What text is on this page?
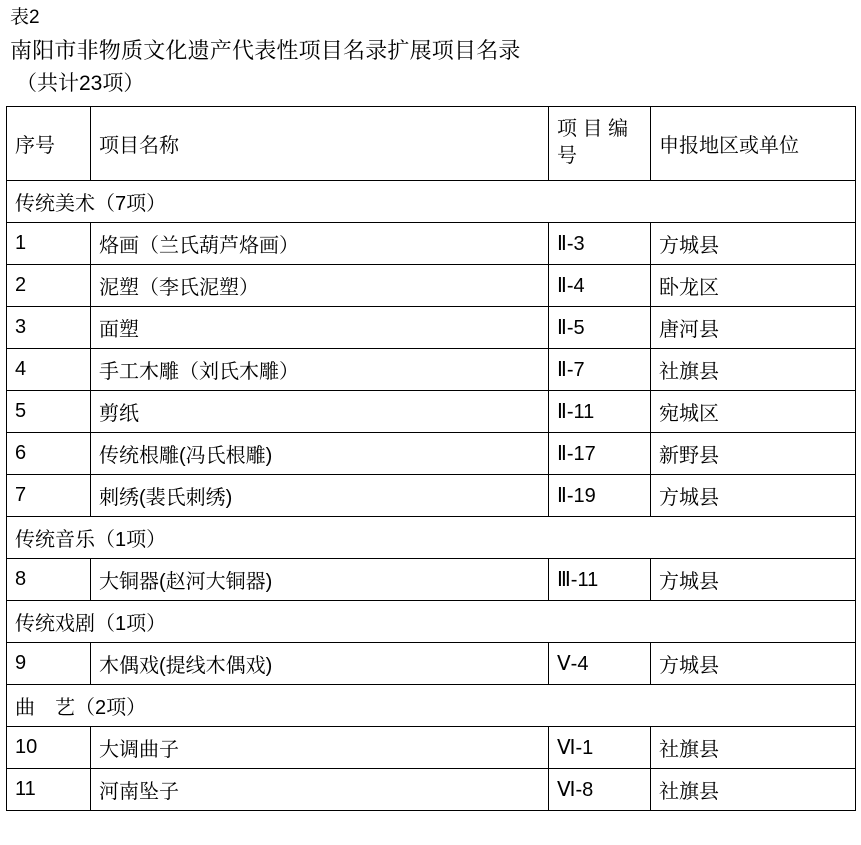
表2
南阳市非物质文化遗产代表性项目名录扩展项目名录
（共计23项）
序号	项目名称	项 目 编 号	申报地区或单位
传统美术（7项）			
1	烙画（兰氏葫芦烙画）	Ⅱ-3	方城县
2	泥塑（李氏泥塑）	Ⅱ-4	卧龙区
3	面塑	Ⅱ-5	唐河县
4	手工木雕（刘氏木雕）	Ⅱ-7	社旗县
5	剪纸	Ⅱ-11	宛城区
6	传统根雕(冯氏根雕)	Ⅱ-17	新野县
7	刺绣(裴氏刺绣)	Ⅱ-19	方城县
传统音乐（1项）			
8	大铜器(赵河大铜器)	Ⅲ-11	方城县
传统戏剧（1项）			
9	木偶戏(提线木偶戏)	Ⅴ-4	方城县
曲　艺（2项）			
10	大调曲子	Ⅵ-1	社旗县
11	河南坠子	Ⅵ-8	社旗县
